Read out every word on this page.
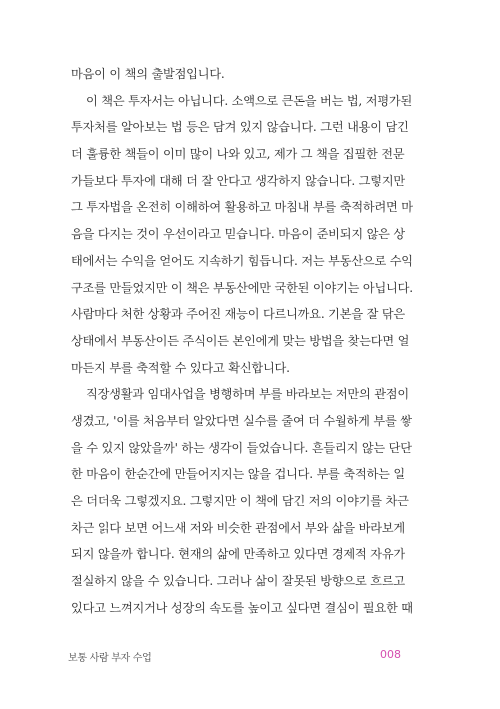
마음이 이 책의 출발점입니다.
이 책은 투자서는 아닙니다. 소액으로 큰돈을 버는 법, 저평가된
투자처를 알아보는 법 등은 담겨 있지 않습니다. 그런 내용이 담긴
더 훌륭한 책들이 이미 많이 나와 있고, 제가 그 책을 집필한 전문
가들보다 투자에 대해 더 잘 안다고 생각하지 않습니다. 그렇지만
그 투자법을 온전히 이해하여 활용하고 마침내 부를 축적하려면 마
음을 다지는 것이 우선이라고 믿습니다. 마음이 준비되지 않은 상
태에서는 수익을 얻어도 지속하기 힘듭니다. 저는 부동산으로 수익
구조를 만들었지만 이 책은 부동산에만 국한된 이야기는 아닙니다.
사람마다 처한 상황과 주어진 재능이 다르니까요. 기본을 잘 닦은
상태에서 부동산이든 주식이든 본인에게 맞는 방법을 찾는다면 얼
마든지 부를 축적할 수 있다고 확신합니다.
직장생활과 임대사업을 병행하며 부를 바라보는 저만의 관점이
생겼고, '이를 처음부터 알았다면 실수를 줄여 더 수월하게 부를 쌓
을 수 있지 않았을까' 하는 생각이 들었습니다. 흔들리지 않는 단단
한 마음이 한순간에 만들어지지는 않을 겁니다. 부를 축적하는 일
은 더더욱 그렇겠지요. 그렇지만 이 책에 담긴 저의 이야기를 차근
차근 읽다 보면 어느새 저와 비슷한 관점에서 부와 삶을 바라보게
되지 않을까 합니다. 현재의 삶에 만족하고 있다면 경제적 자유가
절실하지 않을 수 있습니다. 그러나 삶이 잘못된 방향으로 흐르고
있다고 느껴지거나 성장의 속도를 높이고 싶다면 결심이 필요한 때
보통 사람 부자 수업	008
